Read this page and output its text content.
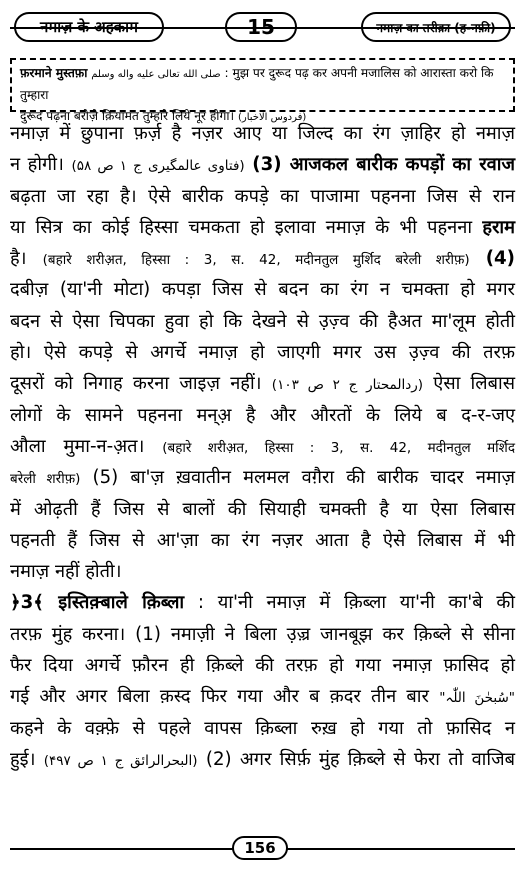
नमाज़ के अहकाम	15	नमाज़ का तरीक़ा (ह-नफ़ी)
फ़रमाने मुस्तफ़ा صلى الله تعالى عليه واله وسلم : मुझ पर दुरूद पढ़ कर अपनी मजालिस को आरास्ता करो कि तुम्हारा
दुरूद पढ़ना बरोज़े क़ियामत तुम्हारे लिये नूर होगा। (فردوس الاخبار)
नमाज़ में छुपाना फ़र्ज़ है नज़र आए या जिल्द का रंग ज़ाहिर हो नमाज़
न होगी। (فتاوی عالمگیری ج ۱ ص ۵۸) (3) आजकल बारीक कपड़ों का रवाज
बढ़ता जा रहा है। ऐसे बारीक कपड़े का पाजामा पहनना जिस से रान
या सित्र का कोई हिस्सा चमकता हो इलावा नमाज़ के भी पहनना हराम
है। (बहारे शरीअ़त, हिस्सा : 3, स. 42, मदीनतुल मुर्शिद बरेली शरीफ़) (4)
दबीज़ (या'नी मोटा) कपड़ा जिस से बदन का रंग न चमक्ता हो मगर
बदन से ऐसा चिपका हुवा हो कि देखने से उ़ज़्व की हैअत मा'लूम होती
हो। ऐसे कपड़े से अगर्चे नमाज़ हो जाएगी मगर उस उ़ज़्व की तरफ़
दूसरों को निगाह करना जाइज़ नहीं। (ردالمحتار ج ۲ ص ۱۰۳) ऐसा लिबास
लोगों के सामने पहनना मन्अ़ है और औरतों के लिये ब द-र-जए
औला मुमा-न-अ़त। (बहारे शरीअ़त, हिस्सा : 3, स. 42, मदीनतुल मर्शिद
बरेली शरीफ़) (5) बा'ज़ ख़वातीन मलमल वग़ैरा की बारीक चादर नमाज़
में ओढ़ती हैं जिस से बालों की सियाही चमक्ती है या ऐसा लिबास
पहनती हैं जिस से आ'ज़ा का रंग नज़र आता है ऐसे लिबास में भी
नमाज़ नहीं होती।
﴿3﴾ इस्तिक़्बाले क़िब्ला : या'नी नमाज़ में क़िब्ला या'नी का'बे की
तरफ़ मुंह करना। (1) नमाज़ी ने बिला उ़ज़्र जानबूझ कर क़िब्ले से सीना
फैर दिया अगर्चे फ़ौरन ही क़िब्ले की तरफ़ हो गया नमाज़ फ़ासिद हो
गई और अगर बिला क़स्द फिर गया और ब क़दर तीन बार "سُبحٰنَ اللّٰہ"
कहने के वक़्फ़े से पहले वापस क़िब्ला रुख़ हो गया तो फ़ासिद न
हुई। (البحرالرائق ج ۱ ص ۴۹۷) (2) अगर सिर्फ़ मुंह क़िब्ले से फेरा तो वाजिब
156
